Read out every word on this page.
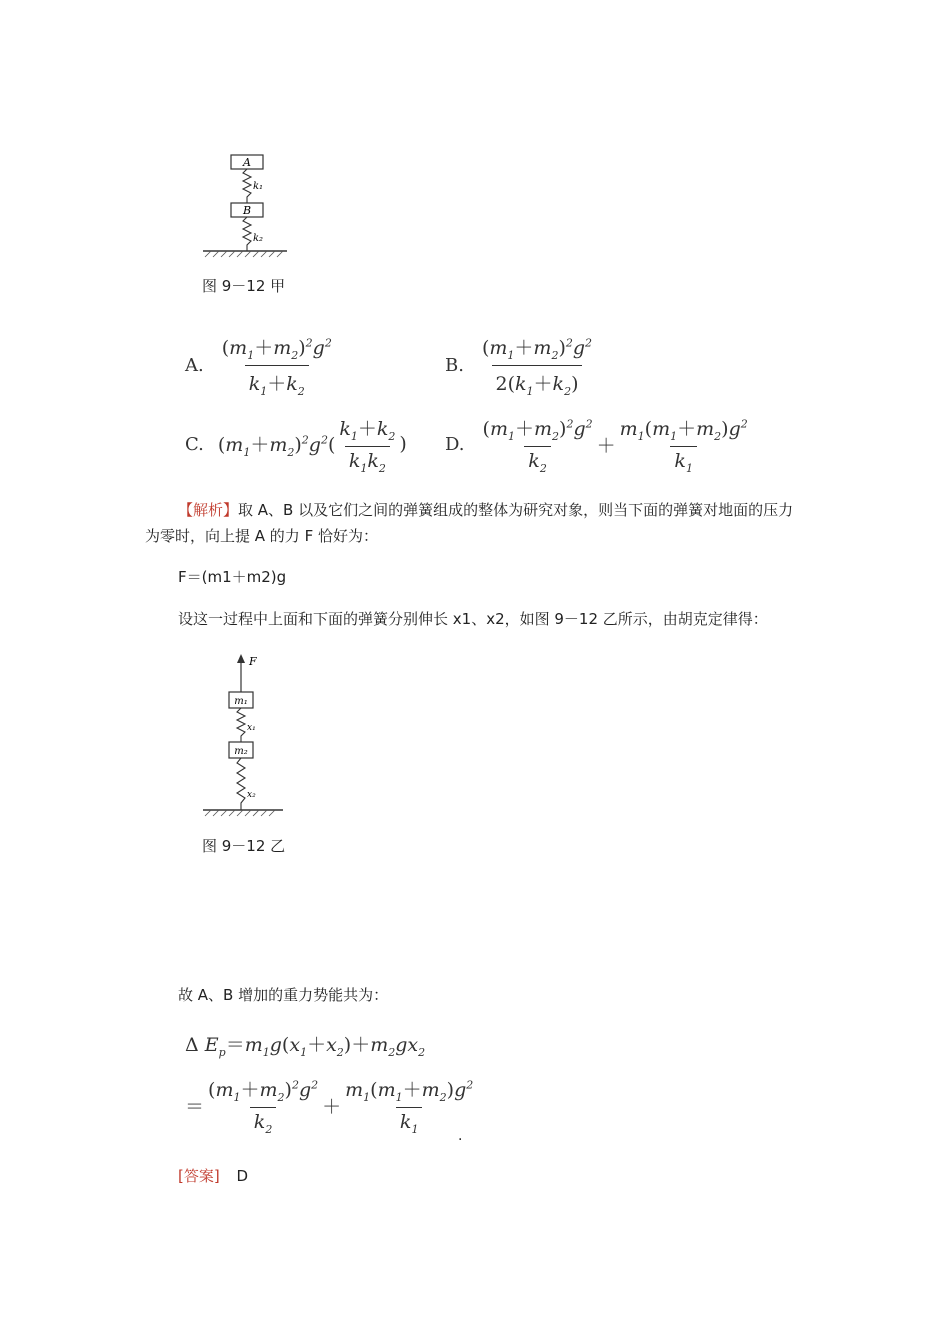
A
k₁
B
k₂
图 9－12 甲
A. $\frac{(m_1+m_2)^2g^2}{k_1+k_2}$	B. $\frac{(m_1+m_2)^2g^2}{2(k_1+k_2)}$
C. $(m_1+m_2)^2g^2( \frac{k_1+k_2}{k_1k_2}$ ) D. $\frac{(m_1+m_2)^2g^2}{k_2} + \frac{m_1(m_1+m_2)g^2}{k_1}$
【解析】取 A、B 以及它们之间的弹簧组成的整体为研究对象，则当下面的弹簧对地面的压力
为零时，向上提 A 的力 F 恰好为：
F＝(m1＋m2)g
设这一过程中上面和下面的弹簧分别伸长 x1、x2，如图 9－12 乙所示，由胡克定律得：
F
m₁
x₁
m₂
x₂
图 9－12 乙
故 A、B 增加的重力势能共为：
Δ $E_p=m_1g(x_1+x_2)+m_2gx_2$
＝ $\frac{(m_1+m_2)^2g^2}{k_2} + \frac{m_1(m_1+m_2)g^2}{k_1}$
.
[答案] D
